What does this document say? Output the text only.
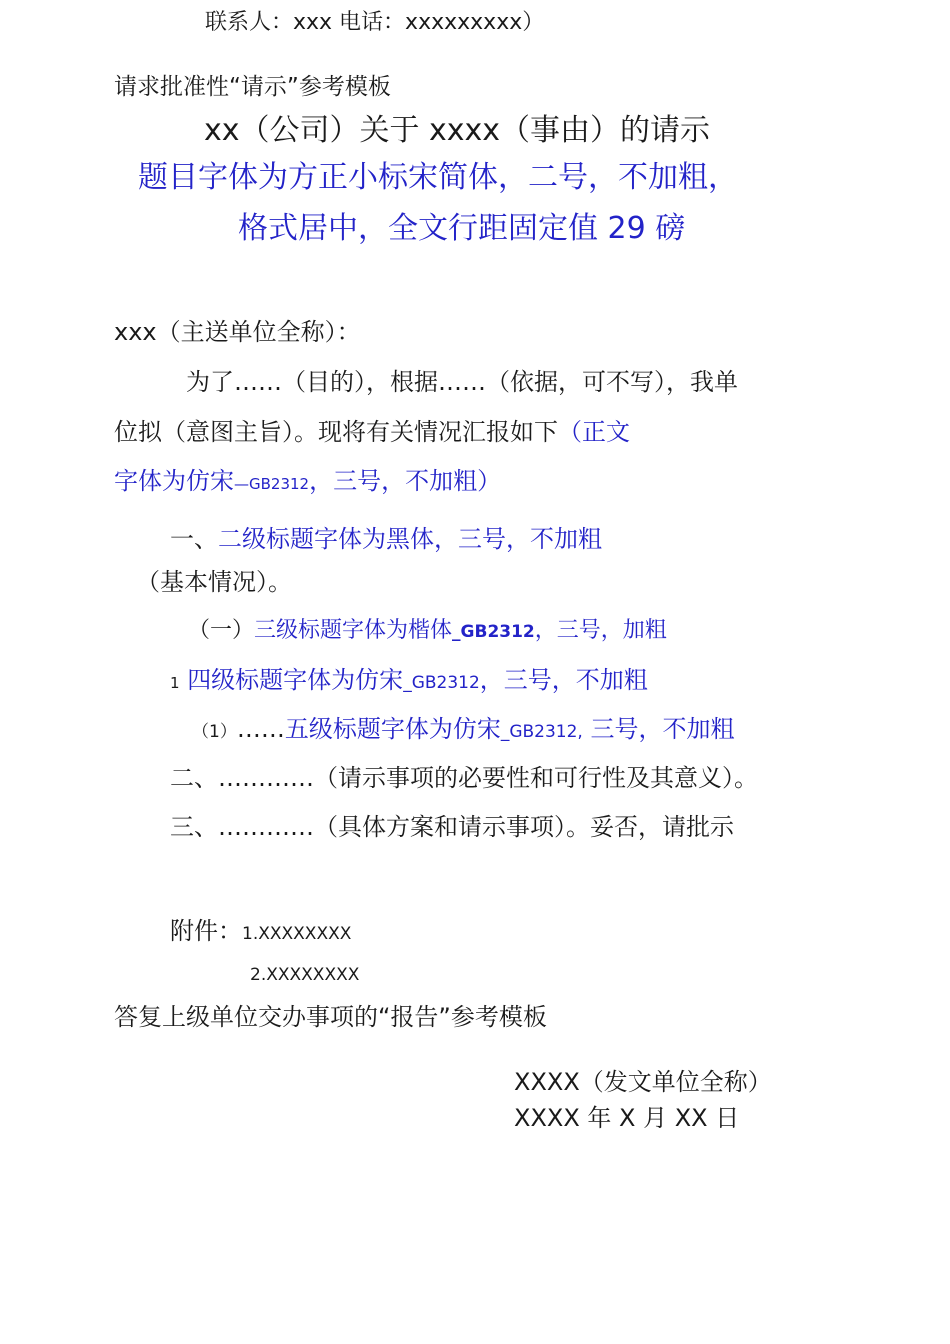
联系人：xxx 电话：xxxxxxxxx）
请求批准性“请示”参考模板
xx（公司）关于 xxxx（事由）的请示
题目字体为方正小标宋简体，二号，不加粗，
格式居中，全文行距固定值 29 磅
xxx（主送单位全称）：
为了……（目的），根据……（依据，可不写），我单
位拟（意图主旨）。现将有关情况汇报如下（正文
字体为仿宋—GB2312，三号，不加粗）
一、二级标题字体为黑体，三号，不加粗
（基本情况）。
（一）三级标题字体为楷体_GB2312，三号，加粗
1 四级标题字体为仿宋_GB2312，三号，不加粗
（1）……五级标题字体为仿宋_GB2312, 三号，不加粗
二、…………（请示事项的必要性和可行性及其意义）。
三、…………（具体方案和请示事项）。妥否，请批示
附件：1.XXXXXXXX
2.XXXXXXXX
答复上级单位交办事项的“报告”参考模板
XXXX（发文单位全称）
XXXX 年 X 月 XX 日
